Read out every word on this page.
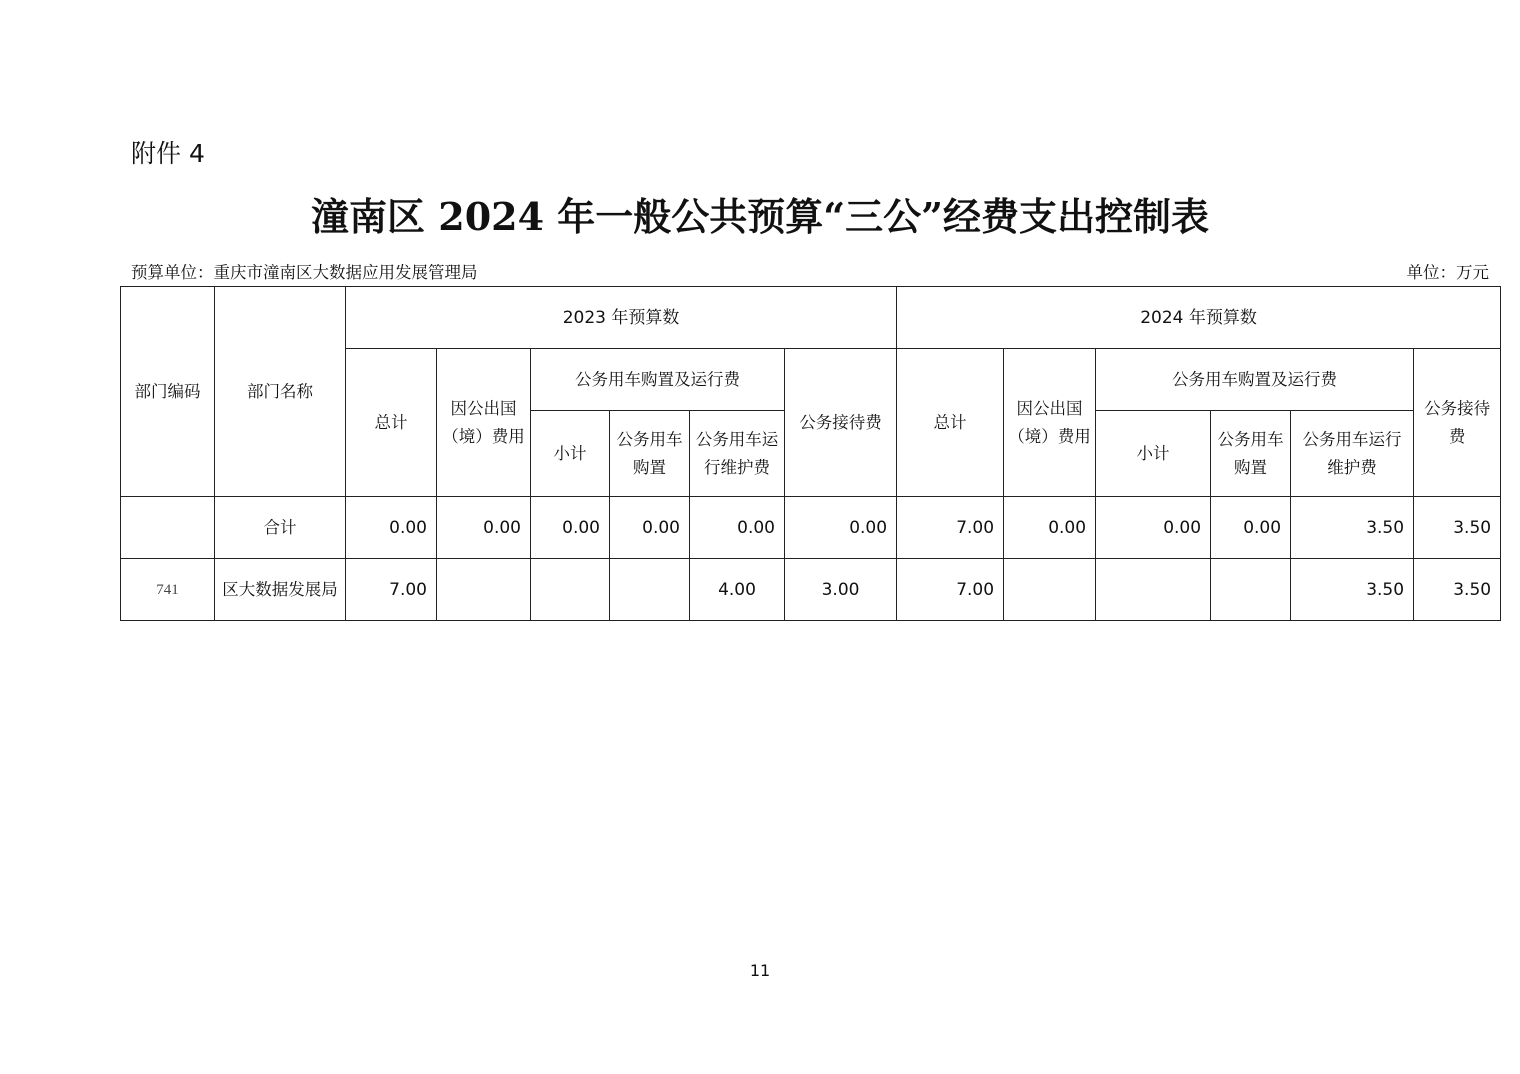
附件 4
潼南区 2024 年一般公共预算“三公”经费支出控制表
预算单位：重庆市潼南区大数据应用发展管理局	单位：万元
部门编码	部门名称	2023 年预算数						2024 年预算数					
		总计	因公出国（境）费用	公务用车购置及运行费			公务接待费	总计	因公出国（境）费用	公务用车购置及运行费			公务接待费
				小计	公务用车购置	公务用车运行维护费				小计	公务用车购置	公务用车运行维护费	
	合计	0.00	0.00	0.00	0.00	0.00	0.00	7.00	0.00	0.00	0.00	3.50	3.50
741	区大数据发展局	7.00				4.00	3.00	7.00				3.50	3.50
11
